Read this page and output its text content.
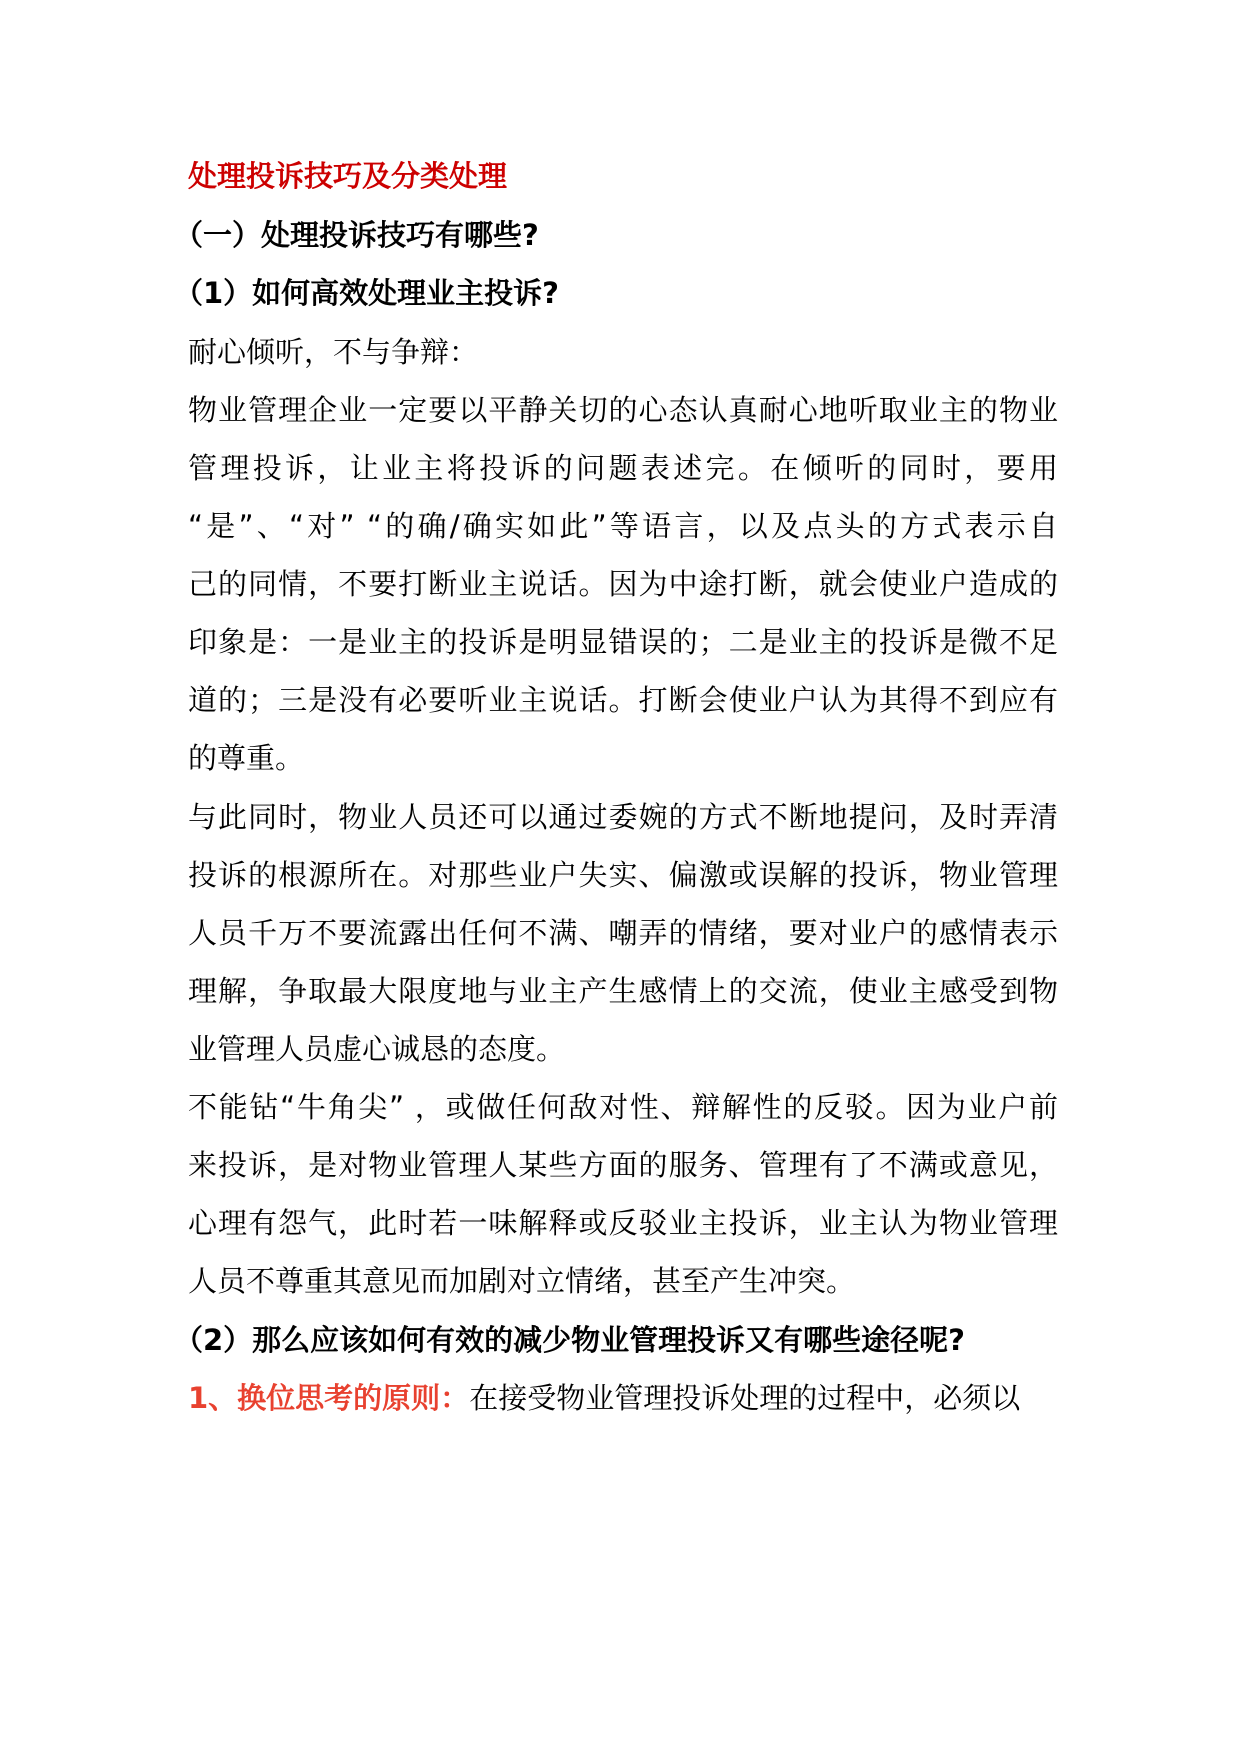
处理投诉技巧及分类处理
（一）处理投诉技巧有哪些?
（1）如何高效处理业主投诉?
耐心倾听，不与争辩：
物业管理企业一定要以平静关切的心态认真耐心地听取业主的物业
管理投诉，让业主将投诉的问题表述完。在倾听的同时，要用
“是”、“对” “的确/确实如此”等语言，以及点头的方式表示自
己的同情，不要打断业主说话。因为中途打断，就会使业户造成的
印象是：一是业主的投诉是明显错误的；二是业主的投诉是微不足
道的；三是没有必要听业主说话。打断会使业户认为其得不到应有
的尊重。
与此同时，物业人员还可以通过委婉的方式不断地提问，及时弄清
投诉的根源所在。对那些业户失实、偏激或误解的投诉，物业管理
人员千万不要流露出任何不满、嘲弄的情绪，要对业户的感情表示
理解，争取最大限度地与业主产生感情上的交流，使业主感受到物
业管理人员虚心诚恳的态度。
不能钻“牛角尖” ，或做任何敌对性、辩解性的反驳。因为业户前
来投诉，是对物业管理人某些方面的服务、管理有了不满或意见，
心理有怨气，此时若一味解释或反驳业主投诉，业主认为物业管理
人员不尊重其意见而加剧对立情绪，甚至产生冲突。
（2）那么应该如何有效的减少物业管理投诉又有哪些途径呢?
1、换位思考的原则：在接受物业管理投诉处理的过程中，必须以
